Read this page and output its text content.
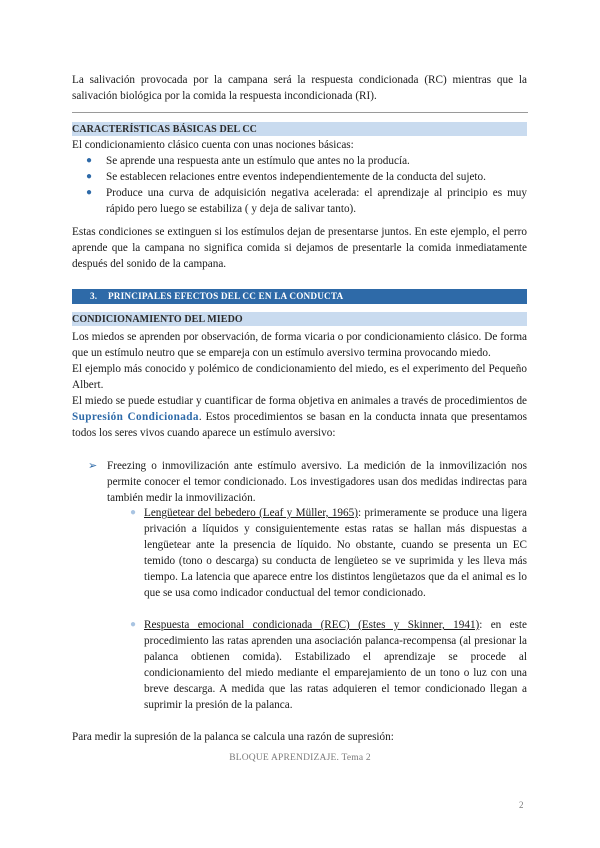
La salivación provocada por la campana será la respuesta condicionada (RC) mientras que la salivación biológica por la comida la respuesta incondicionada (RI).

CARACTERÍSTICAS BÁSICAS DEL CC

El condicionamiento clásico cuenta con unas nociones básicas:

● Se aprende una respuesta ante un estímulo que antes no la producía.
● Se establecen relaciones entre eventos independientemente de la conducta del sujeto.
● Produce una curva de adquisición negativa acelerada: el aprendizaje al principio es muy rápido pero luego se estabiliza ( y deja de salivar tanto).

Estas condiciones se extinguen si los estímulos dejan de presentarse juntos. En este ejemplo, el perro aprende que la campana no significa comida si dejamos de presentarle la comida inmediatamente después del sonido de la campana.

3. PRINCIPALES EFECTOS DEL CC EN LA CONDUCTA
CONDICIONAMIENTO DEL MIEDO

Los miedos se aprenden por observación, de forma vicaria o por condicionamiento clásico. De forma que un estímulo neutro que se empareja con un estímulo aversivo termina provocando miedo.

El ejemplo más conocido y polémico de condicionamiento del miedo, es el experimento del Pequeño Albert.

El miedo se puede estudiar y cuantificar de forma objetiva en animales a través de procedimientos de Supresión Condicionada. Estos procedimientos se basan en la conducta innata que presentamos todos los seres vivos cuando aparece un estímulo aversivo:

➢ Freezing o inmovilización ante estímulo aversivo. La medición de la inmovilización nos permite conocer el temor condicionado. Los investigadores usan dos medidas indirectas para también medir la inmovilización.

● Lengüetear del bebedero (Leaf y Müller, 1965): primeramente se produce una ligera privación a líquidos y consiguientemente estas ratas se hallan más dispuestas a lengüetear ante la presencia de líquido. No obstante, cuando se presenta un EC temido (tono o descarga) su conducta de lengüeteo se ve suprimida y les lleva más tiempo. La latencia que aparece entre los distintos lengüetazos que da el animal es lo que se usa como indicador conductual del temor condicionado.

● Respuesta emocional condicionada (REC) (Estes y Skinner, 1941): en este procedimiento las ratas aprenden una asociación palanca-recompensa (al presionar la palanca obtienen comida). Estabilizado el aprendizaje se procede al condicionamiento del miedo mediante el emparejamiento de un tono o luz con una breve descarga. A medida que las ratas adquieren el temor condicionado llegan a suprimir la presión de la palanca.

Para medir la supresión de la palanca se calcula una razón de supresión:

BLOQUE APRENDIZAJE. Tema 2
2
